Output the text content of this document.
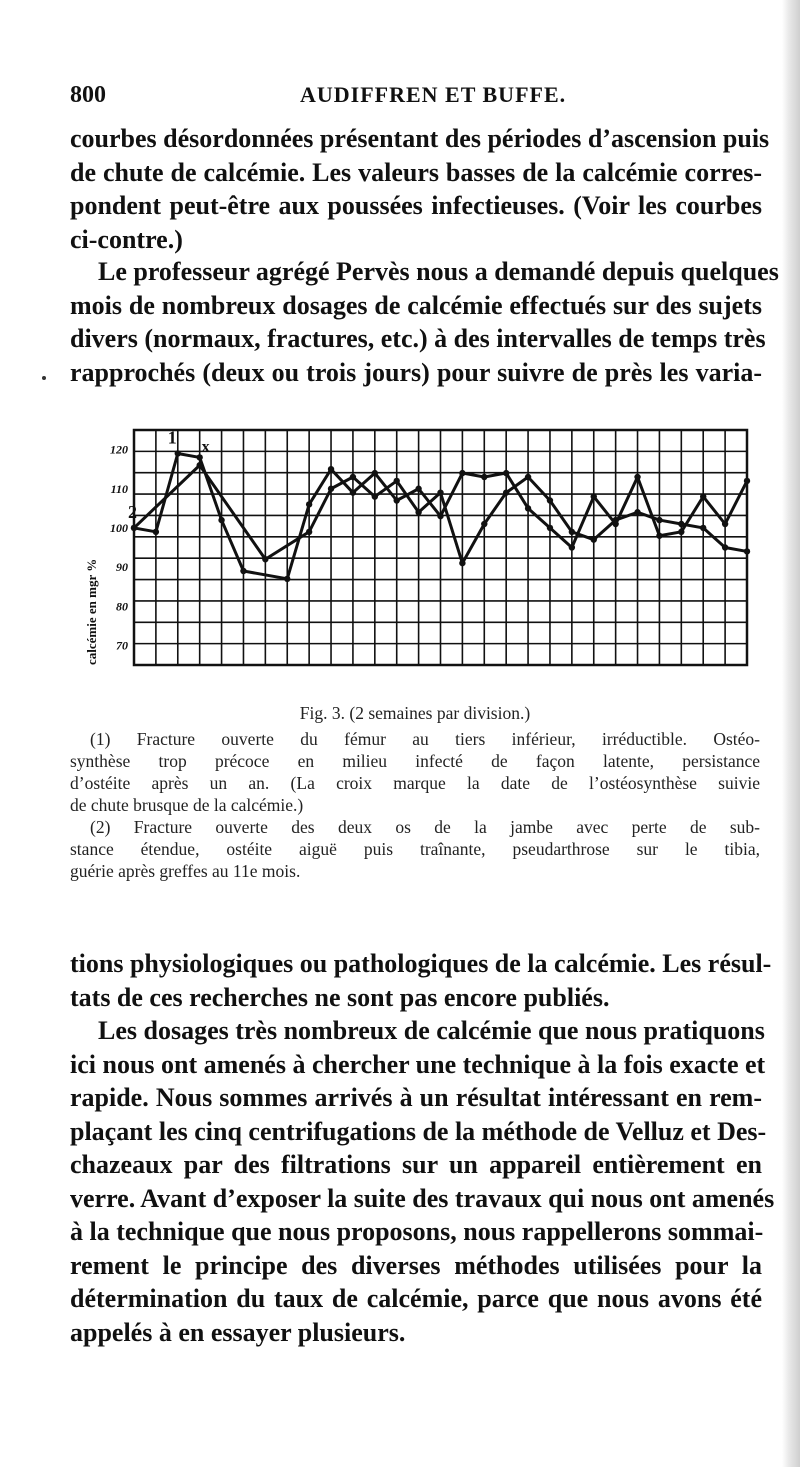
800	AUDIFFREN ET BUFFE.

courbes désordonnées présentant des périodes d’ascension puis
de chute de calcémie. Les valeurs basses de la calcémie corres-
pondent peut-être aux poussées infectieuses. (Voir les courbes
ci-contre.)

Le professeur agrégé Pervès nous a demandé depuis quelques
mois de nombreux dosages de calcémie effectués sur des sujets
divers (normaux, fractures, etc.) à des intervalles de temps très
rapprochés (deux ou trois jours) pour suivre de près les varia-

120
110
100
90
80
70
calcémie en mgr %
1 x
2
Fig. 3. (2 semaines par division.)
(1) Fracture ouverte du fémur au tiers inférieur, irréductible. Ostéo-
synthèse trop précoce en milieu infecté de façon latente, persistance
d’ostéite après un an. (La croix marque la date de l’ostéosynthèse suivie
de chute brusque de la calcémie.)
(2) Fracture ouverte des deux os de la jambe avec perte de sub-
stance étendue, ostéite aiguë puis traînante, pseudarthrose sur le tibia,
guérie après greffes au 11e mois.

tions physiologiques ou pathologiques de la calcémie. Les résul-
tats de ces recherches ne sont pas encore publiés.

Les dosages très nombreux de calcémie que nous pratiquons
ici nous ont amenés à chercher une technique à la fois exacte et
rapide. Nous sommes arrivés à un résultat intéressant en rem-
plaçant les cinq centrifugations de la méthode de Velluz et Des-
chazeaux par des filtrations sur un appareil entièrement en
verre. Avant d’exposer la suite des travaux qui nous ont amenés
à la technique que nous proposons, nous rappellerons sommai-
rement le principe des diverses méthodes utilisées pour la
détermination du taux de calcémie, parce que nous avons été
appelés à en essayer plusieurs.
